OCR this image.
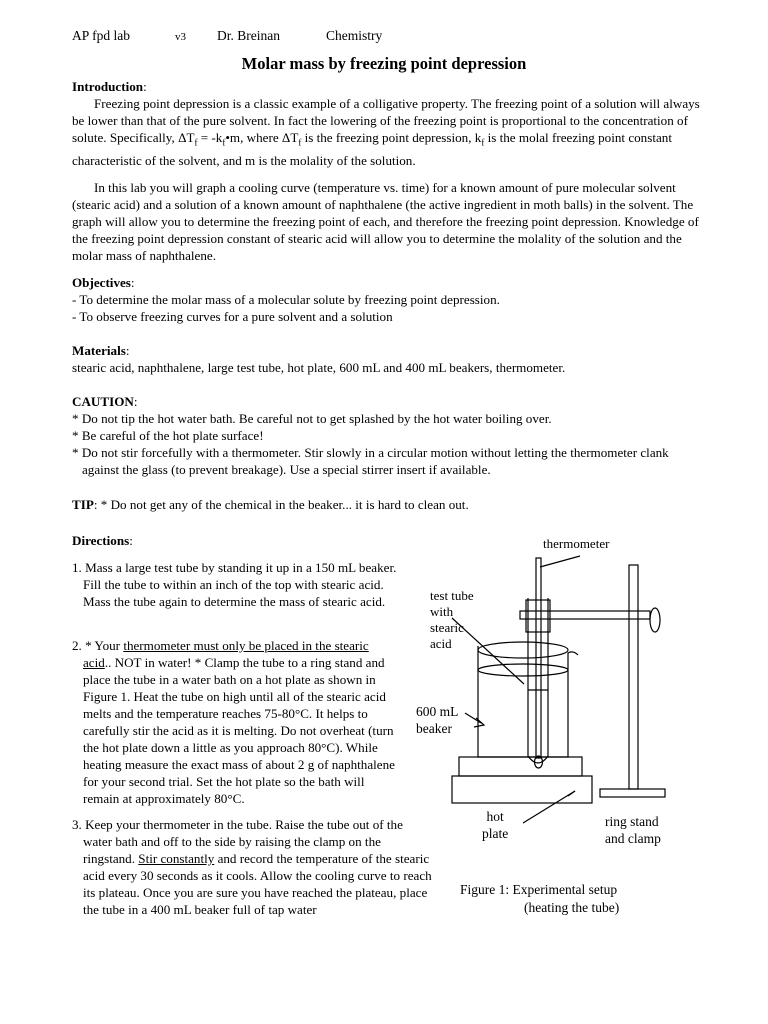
AP fpd lab	v3 Dr. Breinan	Chemistry
Molar mass by freezing point depression

Introduction:

Freezing point depression is a classic example of a colligative property. The freezing point of a solution will always be lower than that of the pure solvent. In fact the lowering of the freezing point is proportional to the concentration of solute. Specifically, $\Delta T_f$ = $-k_f•m$, where $\Delta T_f$ is the freezing point depression, $k_f$ is the molal freezing point constant characteristic of the solvent, and m is the molality of the solution.

In this lab you will graph a cooling curve (temperature vs. time) for a known amount of pure molecular solvent (stearic acid) and a solution of a known amount of naphthalene (the active ingredient in moth balls) in the solvent. The graph will allow you to determine the freezing point of each, and therefore the freezing point depression. Knowledge of the freezing point depression constant of stearic acid will allow you to determine the molality of the solution and the molar mass of naphthalene.

Objectives:

- To determine the molar mass of a molecular solute by freezing point depression.

- To observe freezing curves for a pure solvent and a solution

Materials:

stearic acid, naphthalene, large test tube, hot plate, 600 mL and 400 mL beakers, thermometer.

CAUTION:

* Do not tip the hot water bath. Be careful not to get splashed by the hot water boiling over.

* Be careful of the hot plate surface!

* Do not stir forcefully with a thermometer. Stir slowly in a circular motion without letting the thermometer clank against the glass (to prevent breakage). Use a special stirrer insert if available.

TIP: * Do not get any of the chemical in the beaker... it is hard to clean out.

Directions:

1. Mass a large test tube by standing it up in a 150 mL beaker. Fill the tube to within an inch of the top with stearic acid. Mass the tube again to determine the mass of stearic acid.

2. * Your thermometer must only be placed in the stearic acid.. NOT in water! * Clamp the tube to a ring stand and place the tube in a water bath on a hot plate as shown in Figure 1. Heat the tube on high until all of the stearic acid melts and the temperature reaches 75-80°C. It helps to carefully stir the acid as it is melting. Do not overheat (turn the hot plate down a little as you approach 80°C). While heating measure the exact mass of about 2 g of naphthalene for your second trial. Set the hot plate so the bath will remain at approximately 80°C.

3. Keep your thermometer in the tube. Raise the tube out of the water bath and off to the side by raising the clamp on the ringstand. Stir constantly and record the temperature of the stearic acid every 30 seconds as it cools. Allow the cooling curve to reach its plateau. Once you are sure you have reached the plateau, place the tube in a 400 mL beaker full of tap water

thermometer
test tube
with
stearic
acid
600 mL
beaker
hot
plate
ring stand
and clamp
Figure 1: Experimental setup
(heating the tube)
